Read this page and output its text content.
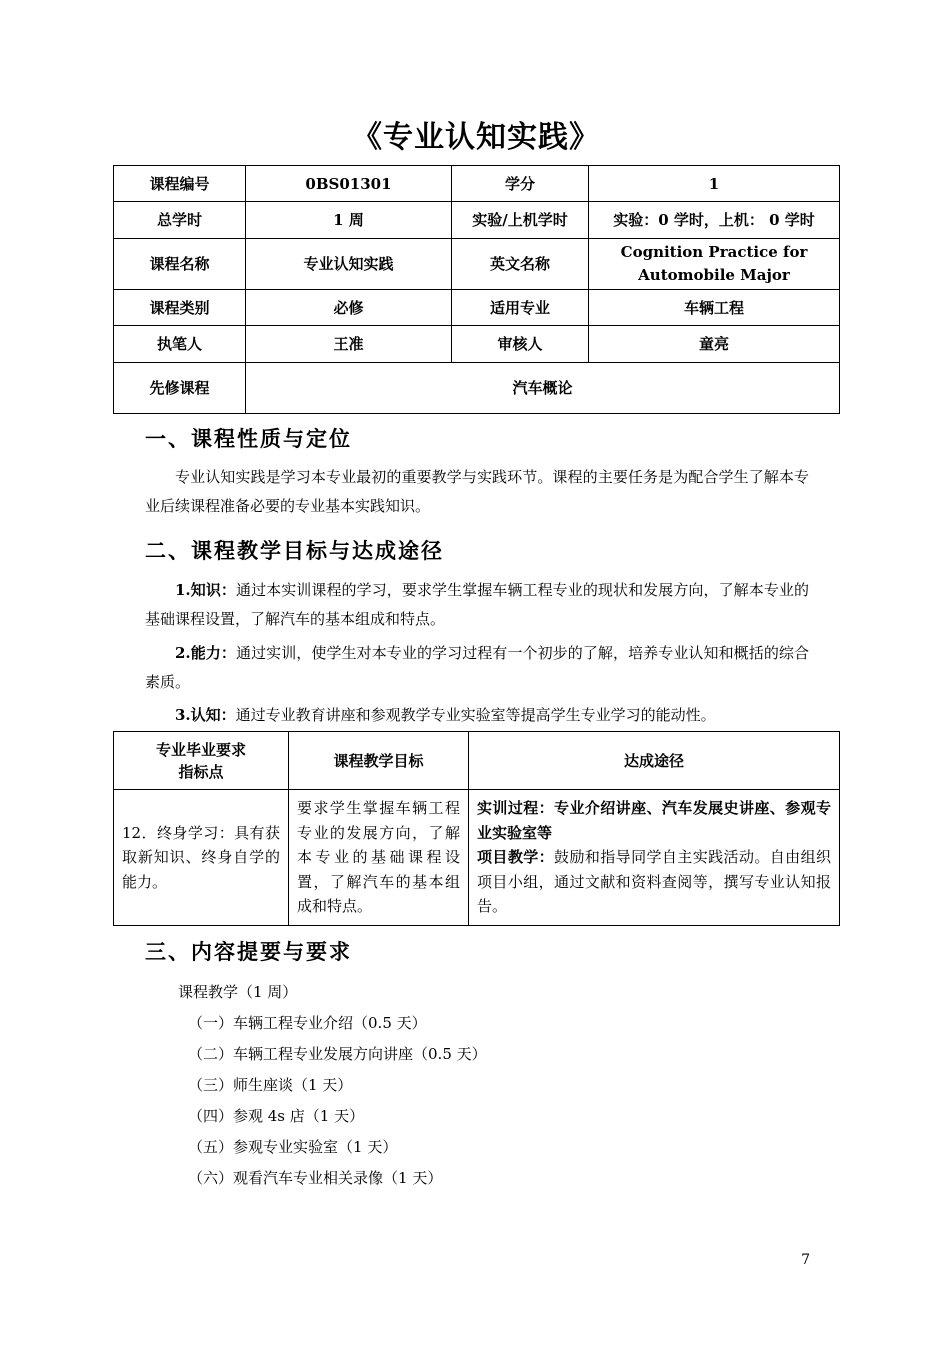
《专业认知实践》
课程编号	0BS01301	学分	1
总学时	1 周	实验/上机学时	实验：0 学时，上机： 0 学时
课程名称	专业认知实践	英文名称	Cognition Practice for
Automobile Major
课程类别	必修	适用专业	车辆工程
执笔人	王准	审核人	童亮
先修课程	汽车概论		
一、课程性质与定位

专业认知实践是学习本专业最初的重要教学与实践环节。课程的主要任务是为配合学生了解本专业后续课程准备必要的专业基本实践知识。

二、课程教学目标与达成途径

1.知识：通过本实训课程的学习，要求学生掌握车辆工程专业的现状和发展方向，了解本专业的基础课程设置，了解汽车的基本组成和特点。

2.能力：通过实训，使学生对本专业的学习过程有一个初步的了解，培养专业认知和概括的综合素质。

3.认知：通过专业教育讲座和参观教学专业实验室等提高学生专业学习的能动性。

专业毕业要求
指标点	课程教学目标	达成途径
12．终身学习：具有获取新知识、终身自学的能力。	要求学生掌握车辆工程专业的发展方向，了解本专业的基础课程设置，了解汽车的基本组成和特点。	实训过程：专业介绍讲座、汽车发展史讲座、参观专业实验室等
项目教学：鼓励和指导同学自主实践活动。自由组织项目小组，通过文献和资料查阅等，撰写专业认知报告。
三、内容提要与要求

课程教学（1 周）

（一）车辆工程专业介绍（0.5 天）

（二）车辆工程专业发展方向讲座（0.5 天）

（三）师生座谈（1 天）

（四）参观 4s 店（1 天）

（五）参观专业实验室（1 天）

（六）观看汽车专业相关录像（1 天）

7
